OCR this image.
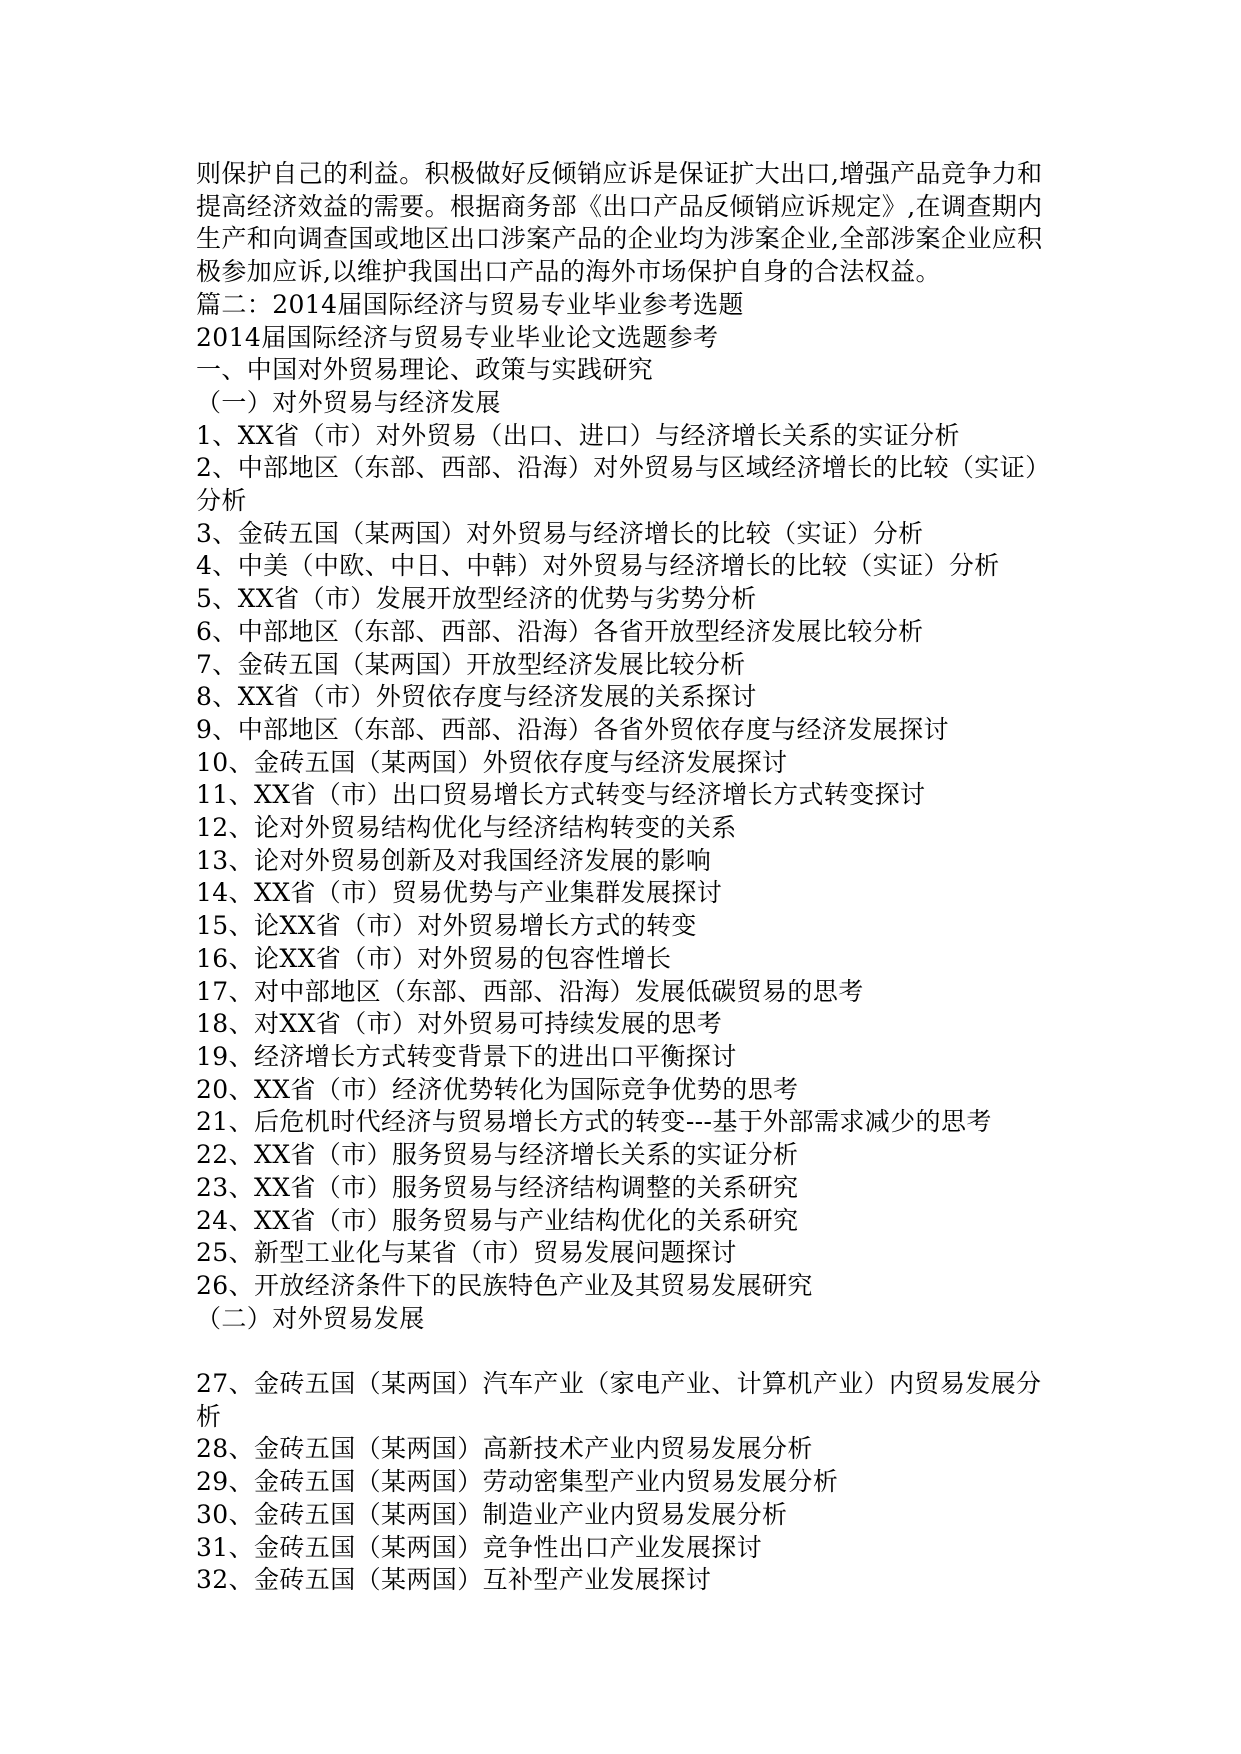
则保护自己的利益。积极做好反倾销应诉是保证扩大出口,增强产品竞争力和

提高经济效益的需要。根据商务部《出口产品反倾销应诉规定》,在调查期内

生产和向调查国或地区出口涉案产品的企业均为涉案企业,全部涉案企业应积

极参加应诉,以维护我国出口产品的海外市场保护自身的合法权益。

篇二：2014届国际经济与贸易专业毕业参考选题

2014届国际经济与贸易专业毕业论文选题参考

一、中国对外贸易理论、政策与实践研究

（一）对外贸易与经济发展

1、XX省（市）对外贸易（出口、进口）与经济增长关系的实证分析

2、中部地区（东部、西部、沿海）对外贸易与区域经济增长的比较（实证）

分析

3、金砖五国（某两国）对外贸易与经济增长的比较（实证）分析

4、中美（中欧、中日、中韩）对外贸易与经济增长的比较（实证）分析

5、XX省（市）发展开放型经济的优势与劣势分析

6、中部地区（东部、西部、沿海）各省开放型经济发展比较分析

7、金砖五国（某两国）开放型经济发展比较分析

8、XX省（市）外贸依存度与经济发展的关系探讨

9、中部地区（东部、西部、沿海）各省外贸依存度与经济发展探讨

10、金砖五国（某两国）外贸依存度与经济发展探讨

11、XX省（市）出口贸易增长方式转变与经济增长方式转变探讨

12、论对外贸易结构优化与经济结构转变的关系

13、论对外贸易创新及对我国经济发展的影响

14、XX省（市）贸易优势与产业集群发展探讨

15、论XX省（市）对外贸易增长方式的转变

16、论XX省（市）对外贸易的包容性增长

17、对中部地区（东部、西部、沿海）发展低碳贸易的思考

18、对XX省（市）对外贸易可持续发展的思考

19、经济增长方式转变背景下的进出口平衡探讨

20、XX省（市）经济优势转化为国际竞争优势的思考

21、后危机时代经济与贸易增长方式的转变---基于外部需求减少的思考

22、XX省（市）服务贸易与经济增长关系的实证分析

23、XX省（市）服务贸易与经济结构调整的关系研究

24、XX省（市）服务贸易与产业结构优化的关系研究

25、新型工业化与某省（市）贸易发展问题探讨

26、开放经济条件下的民族特色产业及其贸易发展研究

（二）对外贸易发展

27、金砖五国（某两国）汽车产业（家电产业、计算机产业）内贸易发展分

析

28、金砖五国（某两国）高新技术产业内贸易发展分析

29、金砖五国（某两国）劳动密集型产业内贸易发展分析

30、金砖五国（某两国）制造业产业内贸易发展分析

31、金砖五国（某两国）竞争性出口产业发展探讨

32、金砖五国（某两国）互补型产业发展探讨
